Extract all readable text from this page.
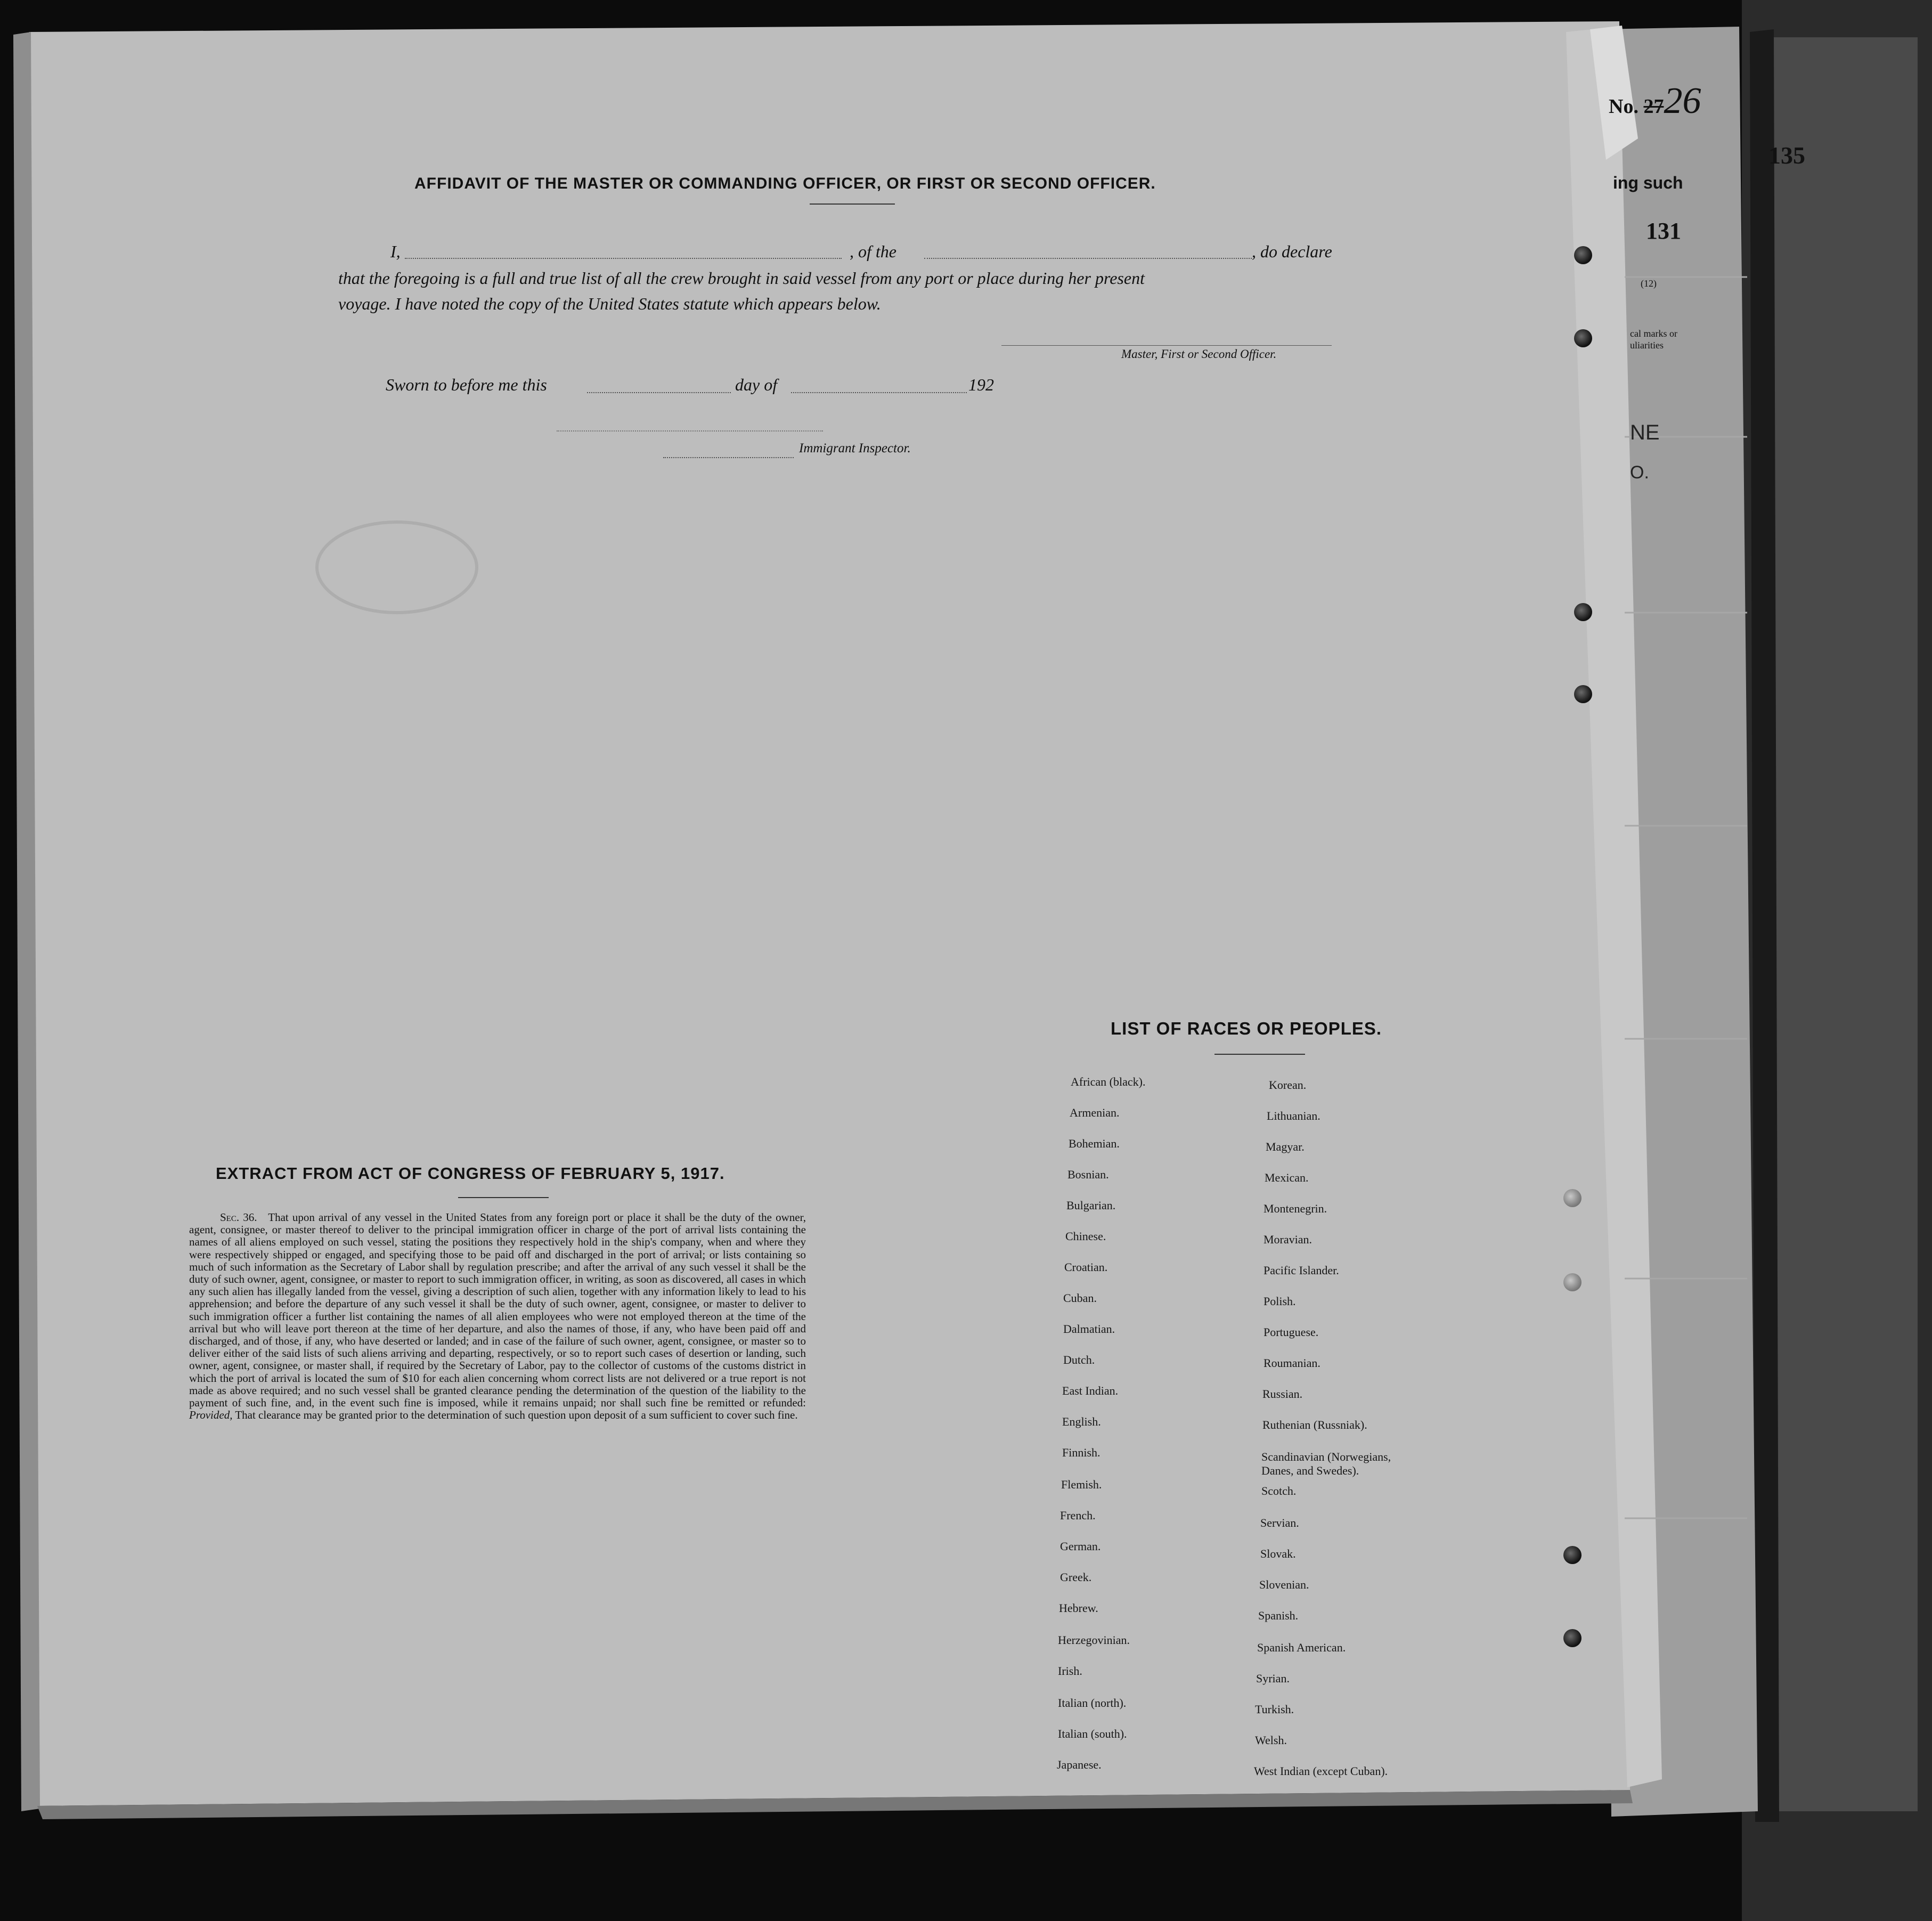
No. 2726
135
ing such
131
(12)
cal marks or
uliarities
NE
O.
AFFIDAVIT OF THE MASTER OR COMMANDING OFFICER, OR FIRST OR SECOND OFFICER.
I,	, of the	, do declare
that the foregoing is a full and true list of all the crew brought in said vessel from any port or place during her present
voyage. I have noted the copy of the United States statute which appears below.
Master, First or Second Officer.
Sworn to before me this	day of	192
Immigrant Inspector.
EXTRACT FROM ACT OF CONGRESS OF FEBRUARY 5, 1917.
Sec. 36. That upon arrival of any vessel in the United States from any foreign port or place it shall be the duty of the owner, agent, consignee, or master thereof to deliver to the principal immigration officer in charge of the port of arrival lists containing the names of all aliens employed on such vessel, stating the positions they respectively hold in the ship's company, when and where they were respectively shipped or engaged, and specifying those to be paid off and discharged in the port of arrival; or lists containing so much of such information as the Secretary of Labor shall by regulation prescribe; and after the arrival of any such vessel it shall be the duty of such owner, agent, consignee, or master to report to such immigration officer, in writing, as soon as discovered, all cases in which any such alien has illegally landed from the vessel, giving a description of such alien, together with any information likely to lead to his apprehension; and before the departure of any such vessel it shall be the duty of such owner, agent, consignee, or master to deliver to such immigration officer a further list containing the names of all alien employees who were not employed thereon at the time of the arrival but who will leave port thereon at the time of her departure, and also the names of those, if any, who have been paid off and discharged, and of those, if any, who have deserted or landed; and in case of the failure of such owner, agent, consignee, or master so to deliver either of the said lists of such aliens arriving and departing, respectively, or so to report such cases of desertion or landing, such owner, agent, consignee, or master shall, if required by the Secretary of Labor, pay to the collector of customs of the customs district in which the port of arrival is located the sum of $10 for each alien concerning whom correct lists are not delivered or a true report is not made as above required; and no such vessel shall be granted clearance pending the determination of the question of the liability to the payment of such fine, and, in the event such fine is imposed, while it remains unpaid; nor shall such fine be remitted or refunded: Provided, That clearance may be granted prior to the determination of such question upon deposit of a sum sufficient to cover such fine.
LIST OF RACES OR PEOPLES.
African (black).
Armenian.
Bohemian.
Bosnian.
Bulgarian.
Chinese.
Croatian.
Cuban.
Dalmatian.
Dutch.
East Indian.
English.
Finnish.
Flemish.
French.
German.
Greek.
Hebrew.
Herzegovinian.
Irish.
Italian (north).
Italian (south).
Japanese.
Korean.
Lithuanian.
Magyar.
Mexican.
Montenegrin.
Moravian.
Pacific Islander.
Polish.
Portuguese.
Roumanian.
Russian.
Ruthenian (Russniak).
Scandinavian (Norwegians, Danes, and Swedes).
Scotch.
Servian.
Slovak.
Slovenian.
Spanish.
Spanish American.
Syrian.
Turkish.
Welsh.
West Indian (except Cuban).
